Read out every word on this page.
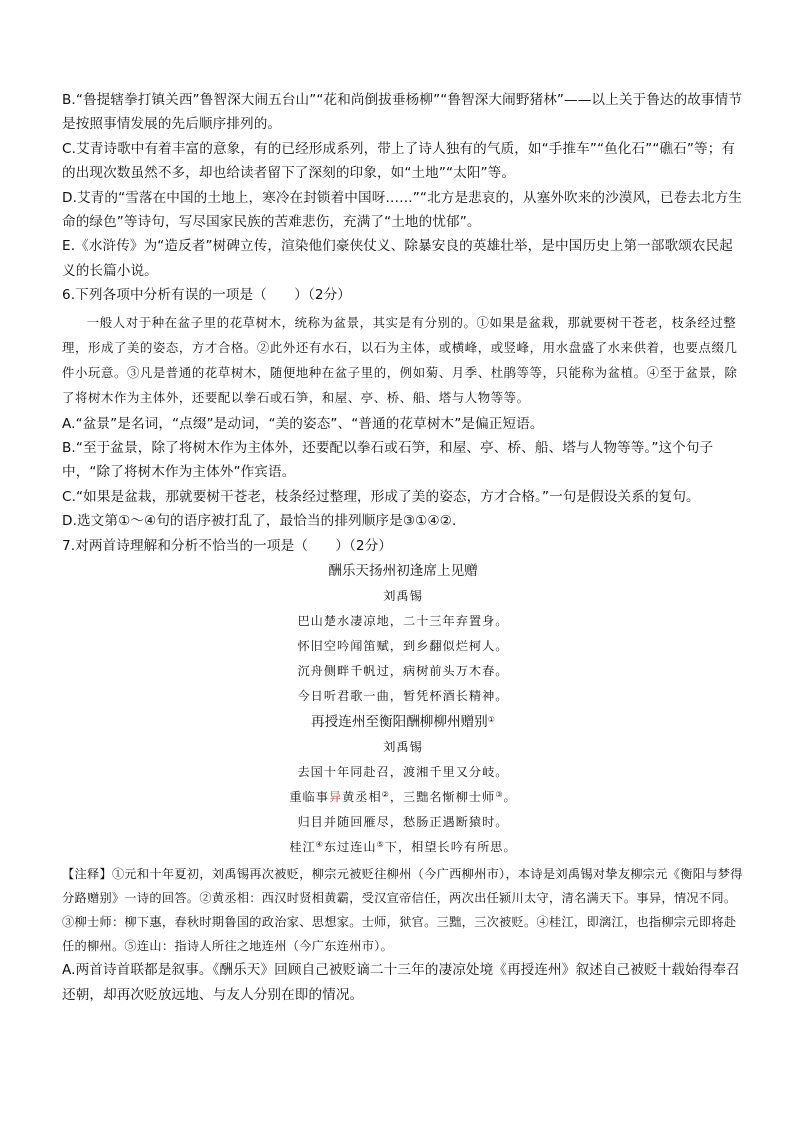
B.“鲁提辖拳打镇关西”鲁智深大闹五台山”“花和尚倒拔垂杨柳”“鲁智深大闹野猪林”——以上关于鲁达的故事情节是按照事情发展的先后顺序排列的。

C.艾青诗歌中有着丰富的意象，有的已经形成系列，带上了诗人独有的气质，如“手推车”“鱼化石”“礁石”等；有的出现次数虽然不多，却也给读者留下了深刻的印象，如“土地”“太阳”等。

D.艾青的“雪落在中国的土地上，寒冷在封锁着中国呀……”“北方是悲哀的，从塞外吹来的沙漠风，已卷去北方生命的绿色”等诗句，写尽国家民族的苦难悲伤，充满了“土地的忧郁”。

E.《水浒传》为“造反者”树碑立传，渲染他们豪侠仗义、除暴安良的英雄壮举，是中国历史上第一部歌颂农民起义的长篇小说。

6.下列各项中分析有误的一项是（　　）（2分）

一般人对于种在盆子里的花草树木，统称为盆景，其实是有分别的。①如果是盆栽，那就要树干苍老，枝条经过整理，形成了美的姿态，方才合格。②此外还有水石，以石为主体，或横峰，或竖峰，用水盘盛了水来供着，也要点缀几件小玩意。③凡是普通的花草树木，随便地种在盆子里的，例如菊、月季、杜鹃等等，只能称为盆植。④至于盆景，除了将树木作为主体外，还要配以拳石或石笋，和屋、亭、桥、船、塔与人物等等。

A.“盆景”是名词，“点缀”是动词，“美的姿态”、“普通的花草树木”是偏正短语。

B.“至于盆景，除了将树木作为主体外，还要配以拳石或石笋，和屋、亭、桥、船、塔与人物等等。”这个句子中，“除了将树木作为主体外”作宾语。

C.“如果是盆栽，那就要树干苍老，枝条经过整理，形成了美的姿态，方才合格。”一句是假设关系的复句。

D.选文第①～④句的语序被打乱了，最恰当的排列顺序是③①④②.

7.对两首诗理解和分析不恰当的一项是（　　）（2分）

酬乐天扬州初逢席上见赠

刘禹锡

巴山楚水凄凉地，二十三年弃置身。

怀旧空吟闻笛赋，到乡翻似烂柯人。

沉舟侧畔千帆过，病树前头万木春。

今日听君歌一曲，暂凭杯酒长精神。

再授连州至衡阳酬柳柳州赠别①

刘禹锡

去国十年同赴召，渡湘千里又分岐。

重临事异黄丞相②，三黜名惭柳士师③。

归目并随回雁尽，愁肠正遇断猿时。

桂江④东过连山⑤下，相望长吟有所思。

【注释】①元和十年夏初，刘禹锡再次被贬，柳宗元被贬往柳州（今广西柳州市），本诗是刘禹锡对挚友柳宗元《衡阳与梦得分路赠别》一诗的回答。②黄丞相：西汉时贤相黄霸，受汉宣帝信任，两次出任颍川太守，清名满天下。事异，情况不同。③柳士师：柳下惠，春秋时期鲁国的政治家、思想家。士师，狱官。三黜，三次被贬。④桂江，即漓江，也指柳宗元即将赴任的柳州。⑤连山：指诗人所往之地连州（今广东连州市）。

A.两首诗首联都是叙事。《酬乐天》回顾自己被贬谪二十三年的凄凉处境《再授连州》叙述自己被贬十载始得奉召还朝，却再次贬放远地、与友人分别在即的情况。
